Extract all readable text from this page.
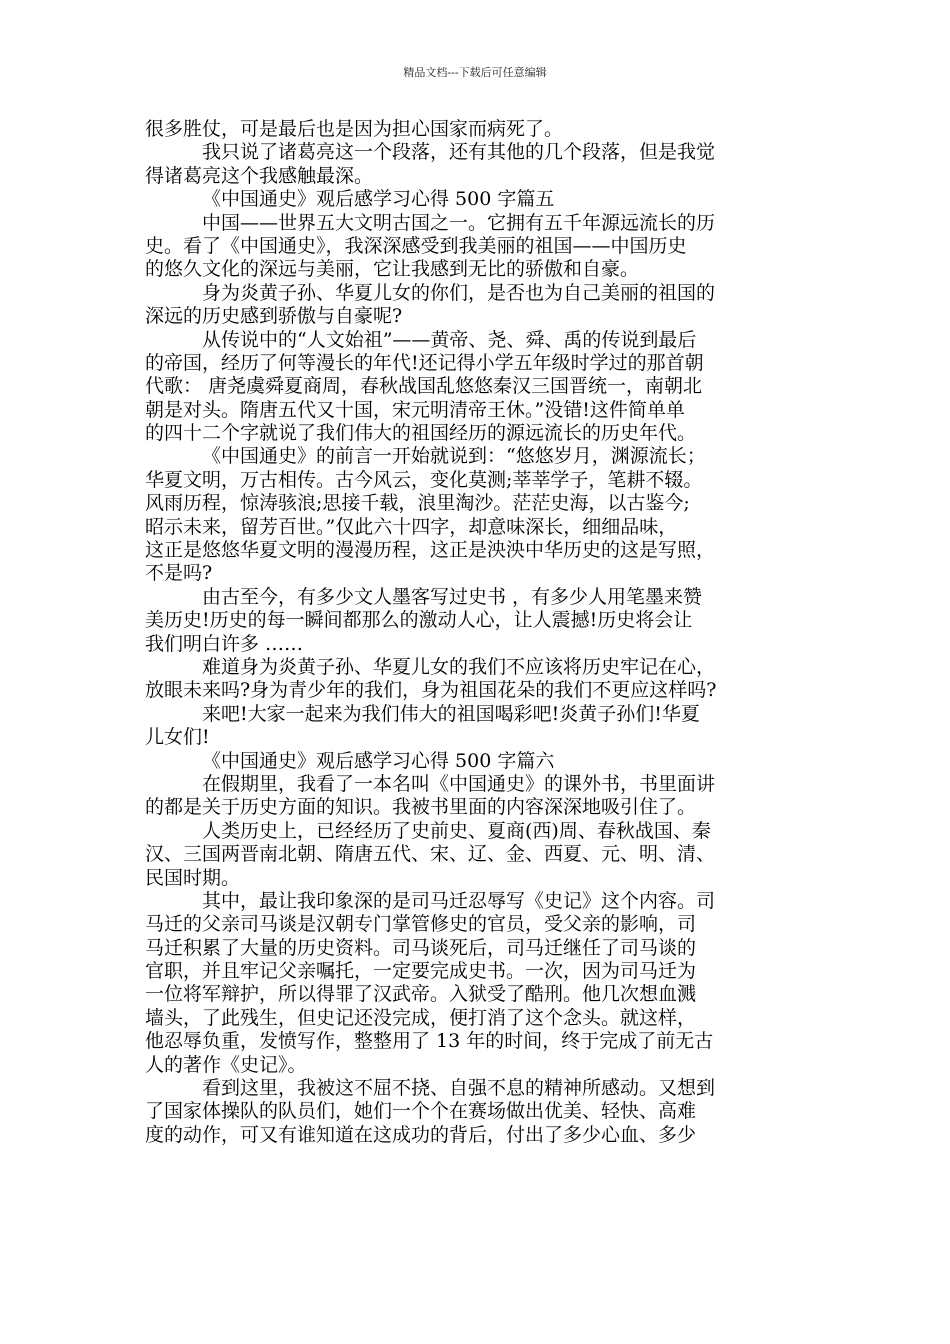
精品文档---下载后可任意编辑
很多胜仗，可是最后也是因为担心国家而病死了。
我只说了诸葛亮这一个段落，还有其他的几个段落，但是我觉
得诸葛亮这个我感触最深。
《中国通史》观后感学习心得 500 字篇五
中国——世界五大文明古国之一。它拥有五千年源远流长的历
史。看了《中国通史》，我深深感受到我美丽的祖国——中国历史
的悠久文化的深远与美丽，它让我感到无比的骄傲和自豪。
身为炎黄子孙、华夏儿女的你们，是否也为自己美丽的祖国的
深远的历史感到骄傲与自豪呢?
从传说中的“人文始祖”——黄帝、尧、舜、禹的传说到最后
的帝国，经历了何等漫长的年代!还记得小学五年级时学过的那首朝
代歌： 唐尧虞舜夏商周，春秋战国乱悠悠秦汉三国晋统一，南朝北
朝是对头。隋唐五代又十国，宋元明清帝王休。”没错!这件简单单
的四十二个字就说了我们伟大的祖国经历的源远流长的历史年代。
《中国通史》的前言一开始就说到：“悠悠岁月，渊源流长；
华夏文明，万古相传。古今风云，变化莫测;莘莘学子，笔耕不辍。
风雨历程，惊涛骇浪;思接千载，浪里淘沙。茫茫史海，以古鉴今;
昭示未来，留芳百世。”仅此六十四字，却意味深长，细细品味，
这正是悠悠华夏文明的漫漫历程，这正是泱泱中华历史的这是写照，
不是吗?
由古至今，有多少文人墨客写过史书 ，有多少人用笔墨来赞
美历史!历史的每一瞬间都那么的激动人心，让人震撼!历史将会让
我们明白许多 ……
难道身为炎黄子孙、华夏儿女的我们不应该将历史牢记在心，
放眼未来吗?身为青少年的我们，身为祖国花朵的我们不更应这样吗?
来吧!大家一起来为我们伟大的祖国喝彩吧!炎黄子孙们!华夏
儿女们!
《中国通史》观后感学习心得 500 字篇六
在假期里，我看了一本名叫《中国通史》的课外书，书里面讲
的都是关于历史方面的知识。我被书里面的内容深深地吸引住了。
人类历史上，已经经历了史前史、夏商(西)周、春秋战国、秦
汉、三国两晋南北朝、隋唐五代、宋、辽、金、西夏、元、明、清、
民国时期。
其中，最让我印象深的是司马迁忍辱写《史记》这个内容。司
马迁的父亲司马谈是汉朝专门掌管修史的官员，受父亲的影响，司
马迁积累了大量的历史资料。司马谈死后，司马迁继任了司马谈的
官职，并且牢记父亲嘱托，一定要完成史书。一次，因为司马迁为
一位将军辩护，所以得罪了汉武帝。入狱受了酷刑。他几次想血溅
墙头，了此残生，但史记还没完成，便打消了这个念头。就这样，
他忍辱负重，发愤写作，整整用了 13 年的时间，终于完成了前无古
人的著作《史记》。
看到这里，我被这不屈不挠、自强不息的精神所感动。又想到
了国家体操队的队员们，她们一个个在赛场做出优美、轻快、高难
度的动作，可又有谁知道在这成功的背后，付出了多少心血、多少
